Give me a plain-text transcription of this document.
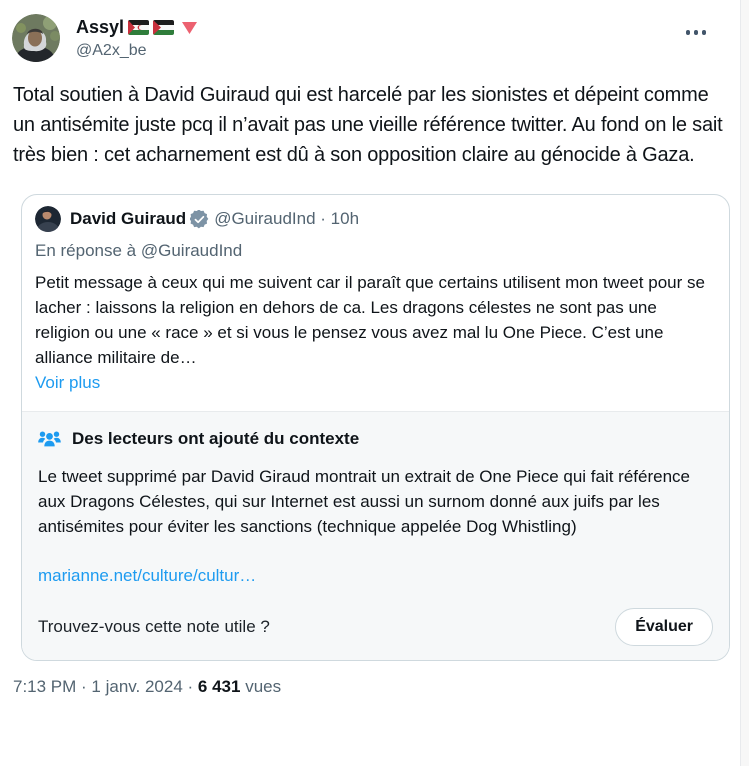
Assyl
@A2x_be
Total soutien à David Guiraud qui est harcelé par les sionistes et dépeint comme un antisémite juste pcq il n’avait pas une vieille référence twitter. Au fond on le sait très bien : cet acharnement est dû à son opposition claire au génocide à Gaza.
David Guiraud @GuiraudInd · 10h
En réponse à @GuiraudInd
Petit message à ceux qui me suivent car il paraît que certains utilisent mon tweet pour se lacher : laissons la religion en dehors de ca. Les dragons célestes ne sont pas une religion ou une « race » et si vous le pensez vous avez mal lu One Piece. C’est une alliance militaire de…
Voir plus
Des lecteurs ont ajouté du contexte
Le tweet supprimé par David Giraud montrait un extrait de One Piece qui fait référence aux Dragons Célestes, qui sur Internet est aussi un surnom donné aux juifs par les antisémites pour éviter les sanctions (technique appelée Dog Whistling)
marianne.net/culture/cultur…
Trouvez-vous cette note utile ?	Évaluer
7:13 PM · 1 janv. 2024 · 6 431 vues
